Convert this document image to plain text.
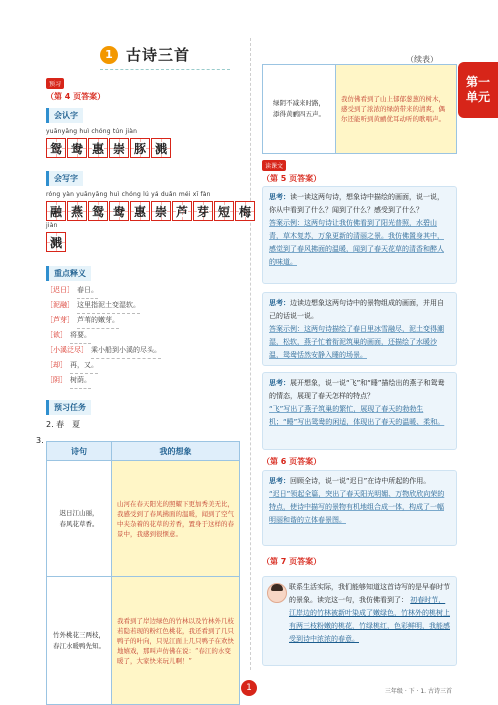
1 古诗三首	（续表）
第一
单元
预习
（第 4 页答案）
会认字
yuānyāng huì chóng tún jiàn
鸳 鸯 惠 崇 豚 溅
会写字
róng yàn yuānyāng huì chóng lú yá duǎn méi xī fàn
融 燕 鸳 鸯 惠 崇 芦 芽 短 梅
jiàn
溅
重点释义
［迟日］ 春日。
［泥融］ 这里指泥土变湿软。
［芦芽］ 芦苇的嫩芽。
［欲］ 将要。
［小溪泛尽］ 乘小船到小溪的尽头。
［却］ 再，又。
［阴］ 树荫。
预习任务
2. 春　夏
3.
诗句	我的想象
迟日江山丽，
春风花草香。	山河在春天阳光的照耀下更加秀美无比，我感受到了春风拂面的温暖，闻到了空气中夹杂着的花草的芳香，置身于这样的春景中，我感到很惬意。
竹外桃花三两枝，
春江水暖鸭先知。	我看到了岸边绿色的竹林以及竹林外几枝若隐若现的粉红色桃花，我还看到了几只鸭子的叶向，只见江面上几只鸭子在欢快地嬉戏，那叫声仿佛在说：“春江的水变暖了，大家快来玩儿啊！”
绿阴不减来时路，
添得黄鹂四五声。	我仿佛看到了山上郁郁葱葱的树木，感受到了浓浓的绿荫带来的清爽，偶尔还能听到黄鹂优耳动听的歌唱声。
读课文
（第 5 页答案）
思考：读一读这两句诗，想象诗中描绘的画面，说一说，你从中看到了什么？闻到了什么？感受到了什么？
答案示例：这两句诗让我仿佛看到了阳光普照，水碧山青，草木复苏，万象更新的清丽之景。我仿佛置身其中，感觉到了春风拂面的温暖，闻到了春天花草的清香和醉人的味道。
思考：边读边想象这两句诗中的景物组成的画面，并用自己的话说一说。
答案示例：这两句诗描绘了春日里冰雪融尽，泥土变得潮湿，松软，燕子忙着衔泥筑巢的画面，还描绘了水暖沙温，鸳鸯恬然安静入睡的场景。
思考：展开想象，说一说“飞”和“睡”描绘出的燕子和鸳鸯的情态，展现了春天怎样的特点？
“飞”写出了燕子筑巢的繁忙，展现了春天的勃勃生机；“睡”写出鸳鸯的闲适，体现出了春天的温暖、柔和。
（第 6 页答案）
思考：回顾全诗，说一说“迟日”在诗中所起的作用。
“迟日”领起全篇，突出了春天阳光明媚、万物欣欣向荣的特点，使诗中描写的景物有机地组合成一体，构成了一幅明丽和谐的立体春景图。
（第 7 页答案）
联系生活实际，我们能够知道这首诗写的是早春时节的景象。读完这一句，我仿佛看到了： 初春时节，江岸边的竹林被新叶染成了嫩绿色，竹林外的桃树上有两三枝粉嫩的桃花，竹绿桃红，色彩鲜明，我能感受到诗中浓浓的春意。
1	三年级 · 下 · 1. 古诗三首
